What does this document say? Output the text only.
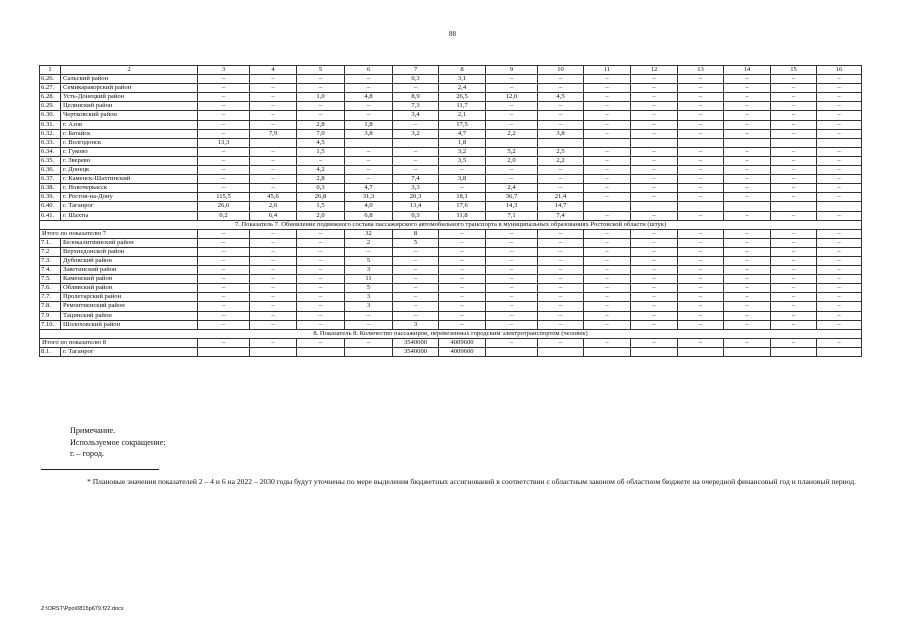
88
1	2	3	4	5	6	7	8	9	10	11	12	13	14	15	16
6.26.	Сальский район	–	–	–	–	0,3	3,1	–	–	–	–	–	–	–	–
6.27.	Семикаракорский район	–	–	–	–	–	2,4	–	–	–	–	–	–	–	–
6.28.	Усть-Донецкий район	–	–	1,0	4,8	8,9	26,5	12,0	4,5	–	–	–	–	–	–
6.29.	Целинский район	–	–	–	–	7,3	11,7	–	–	–	–	–	–	–	–
6.30.	Чертковский район	–	–	–	–	3,4	2,1	–	–	–	–	–	–	–	–
6.31.	г. Азов	–	–	2,8	1,8	–	17,5	–	–	–	–	–	–	–	–
6.32.	г. Батайск	–	7,9	7,0	3,8	3,2	4,7	2,2	3,8	–	–	–	–	–	–
6.33.	г. Волгодонск	13,3		4,5			1,8								
6.34.	г. Гуково	–	–	1,5	–	–	3,2	5,2	2,5	–	–	–	–	–	–
6.35.	г. Зверево	–	–	–	–	–	3,5	2,0	2,2	–	–	–	–	–	–
6.36.	г. Донецк	–	–	4,2	–	–	–	–	–	–	–	–	–	–	–
6.37.	г. Каменск-Шахтинский	–	–	2,8	–	7,4	3,8	–	–	–	–	–	–	–	–
6.38.	г. Новочеркасск	–	–	0,3	4,7	3,3	–	2,4	–	–	–	–	–	–	–
6.39.	г. Ростов-на-Дону	115,5	45,6	26,8	31,3	20,3	18,1	36,7	21,4	–	–	–	–	–	–
6.40.	г. Таганрог	26,6	2,6	1,5	4,0	13,4	17,6	14,3	14,7						
6.41.	г. Шахты	0,2	6,4	2,0	6,8	0,3	11,8	7,1	7,4	–	–	–	–	–	–
7. Показатель 7. Обновление подвижного состава пассажирского автомобильного транспорта в муниципальных образованиях Ростовской области (штук)															
Итого по показателю 7		–	–	–	32	8	–	–	–	–	–	–	–	–	–
7.1.	Белокалитвинский район	–	–	–	2	5	–	–	–	–	–	–	–	–	–
7.2	Верхнедонской район	–	–	–	–	–	–	–	–	–	–	–	–	–	–
7.3.	Дубовский район	–	–	–	5	–	–	–	–	–	–	–	–	–	–
7.4.	Заветинский район	–	–	–	3	–	–	–	–	–	–	–	–	–	–
7.5.	Каменский район	–	–	–	11	–	–	–	–	–	–	–	–	–	–
7.6.	Обливский район	–	–	–	5	–	–	–	–	–	–	–	–	–	–
7.7.	Пролетарский район	–	–	–	3	–	–	–	–	–	–	–	–	–	–
7.8.	Ремонтненский район	–	–	–	3	–	–	–	–	–	–	–	–	–	–
7.9	Тацинский район	–	–	–	–	–	–	–	–	–	–	–	–	–	–
7.10.	Шолоховский район	–	–	–	–	3	–	–	–	–	–	–	–	–	–
8. Показатель 8. Количество пассажиров, перевезенных городским электротранспортом (человек)															
Итого по показателю 8		–	–	–	–	3540000	4009600	–	–	–	–	–	–	–	–
8.1.	г. Таганрог					3540000	4009600								
Примечание.
Используемое сокращение:
г. – город.
* Плановые значения показателей 2 – 4 и 6 на 2022 – 2030 годы будут уточнены по мере выделения бюджетных ассигнований в соответствии с областным законом об областном бюджете на очередной финансовый год и плановый период.
Z:\ORST\Ppo\0815p679.f22.docx
